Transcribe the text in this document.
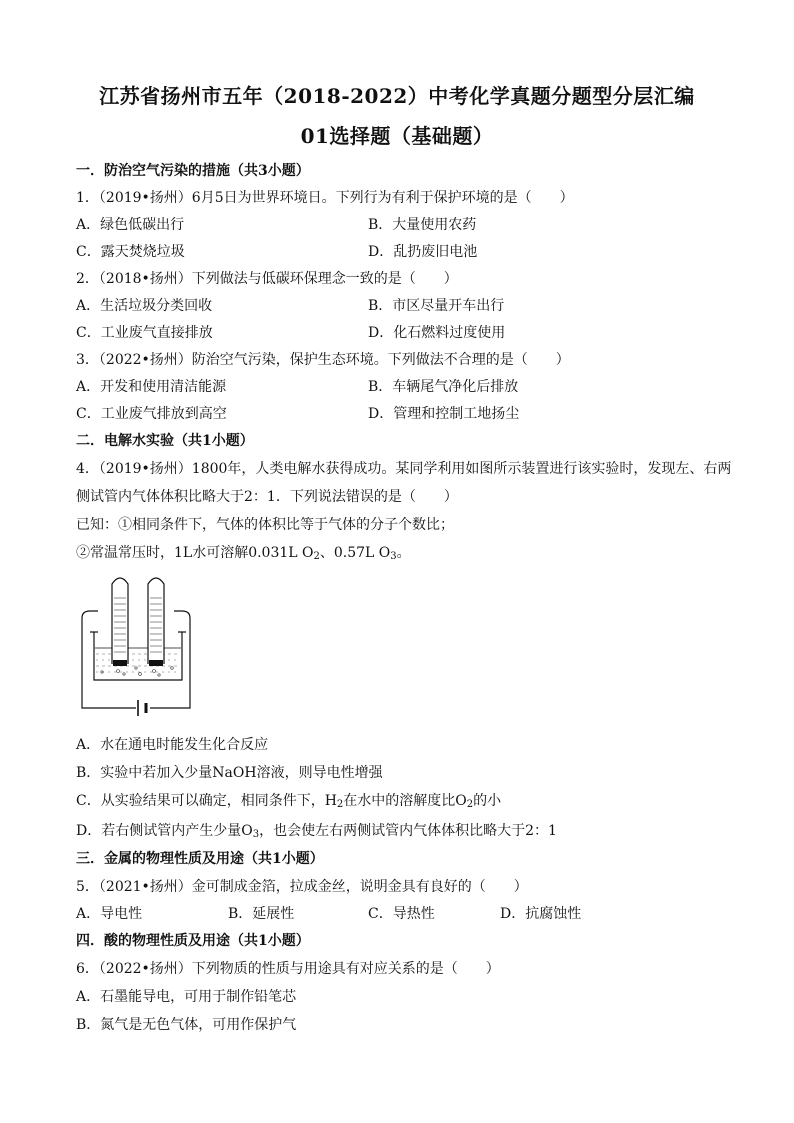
江苏省扬州市五年（2018-2022）中考化学真题分题型分层汇编
01选择题（基础题）
一．防治空气污染的措施（共3小题）
1．（2019•扬州）6月5日为世界环境日。下列行为有利于保护环境的是（　　）
A．绿色低碳出行	B．大量使用农药
C．露天焚烧垃圾	D．乱扔废旧电池
2．（2018•扬州）下列做法与低碳环保理念一致的是（　　）
A．生活垃圾分类回收	B．市区尽量开车出行
C．工业废气直接排放	D．化石燃料过度使用
3．（2022•扬州）防治空气污染，保护生态环境。下列做法不合理的是（　　）
A．开发和使用清洁能源	B．车辆尾气净化后排放
C．工业废气排放到高空	D．管理和控制工地扬尘
二．电解水实验（共1小题）
4．（2019•扬州）1800年，人类电解水获得成功。某同学利用如图所示装置进行该实验时，发现左、右两
侧试管内气体体积比略大于2：1．下列说法错误的是（　　）
已知：①相同条件下，气体的体积比等于气体的分子个数比；
②常温常压时，1L水可溶解0.031L $O_2$、0.57L $O_3$。
A．水在通电时能发生化合反应
B．实验中若加入少量NaOH溶液，则导电性增强
C．从实验结果可以确定，相同条件下，$H_2$在水中的溶解度比$O_2$的小
D．若右侧试管内产生少量$O_3$，也会使左右两侧试管内气体体积比略大于2：1
三．金属的物理性质及用途（共1小题）
5．（2021•扬州）金可制成金箔，拉成金丝，说明金具有良好的（　　）
A．导电性	B．延展性	C．导热性	D．抗腐蚀性
四．酸的物理性质及用途（共1小题）
6．（2022•扬州）下列物质的性质与用途具有对应关系的是（　　）
A．石墨能导电，可用于制作铅笔芯
B．氮气是无色气体，可用作保护气
